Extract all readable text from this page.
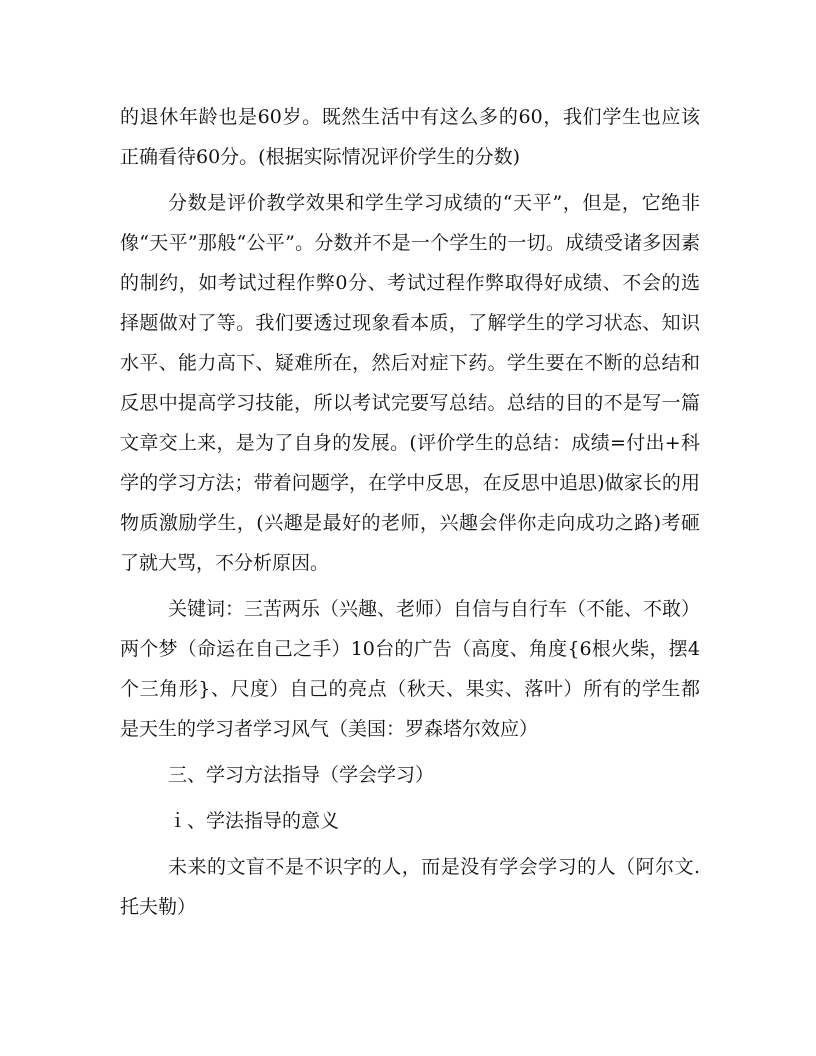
的退休年龄也是60岁。既然生活中有这么多的60，我们学生也应该正确看待60分。(根据实际情况评价学生的分数)

分数是评价教学效果和学生学习成绩的“天平”，但是，它绝非像“天平”那般“公平”。分数并不是一个学生的一切。成绩受诸多因素的制约，如考试过程作弊0分、考试过程作弊取得好成绩、不会的选择题做对了等。我们要透过现象看本质，了解学生的学习状态、知识水平、能力高下、疑难所在，然后对症下药。学生要在不断的总结和反思中提高学习技能，所以考试完要写总结。总结的目的不是写一篇文章交上来，是为了自身的发展。(评价学生的总结：成绩=付出+科学的学习方法；带着问题学，在学中反思，在反思中追思)做家长的用物质激励学生，(兴趣是最好的老师，兴趣会伴你走向成功之路)考砸了就大骂，不分析原因。

关键词：三苦两乐（兴趣、老师）自信与自行车（不能、不敢）两个梦（命运在自己之手）10台的广告（高度、角度{6根火柴，摆4个三角形}、尺度）自己的亮点（秋天、果实、落叶）所有的学生都是天生的学习者学习风气（美国：罗森塔尔效应）

三、学习方法指导（学会学习）

ｉ、学法指导的意义

未来的文盲不是不识字的人，而是没有学会学习的人（阿尔文.托夫勒）
